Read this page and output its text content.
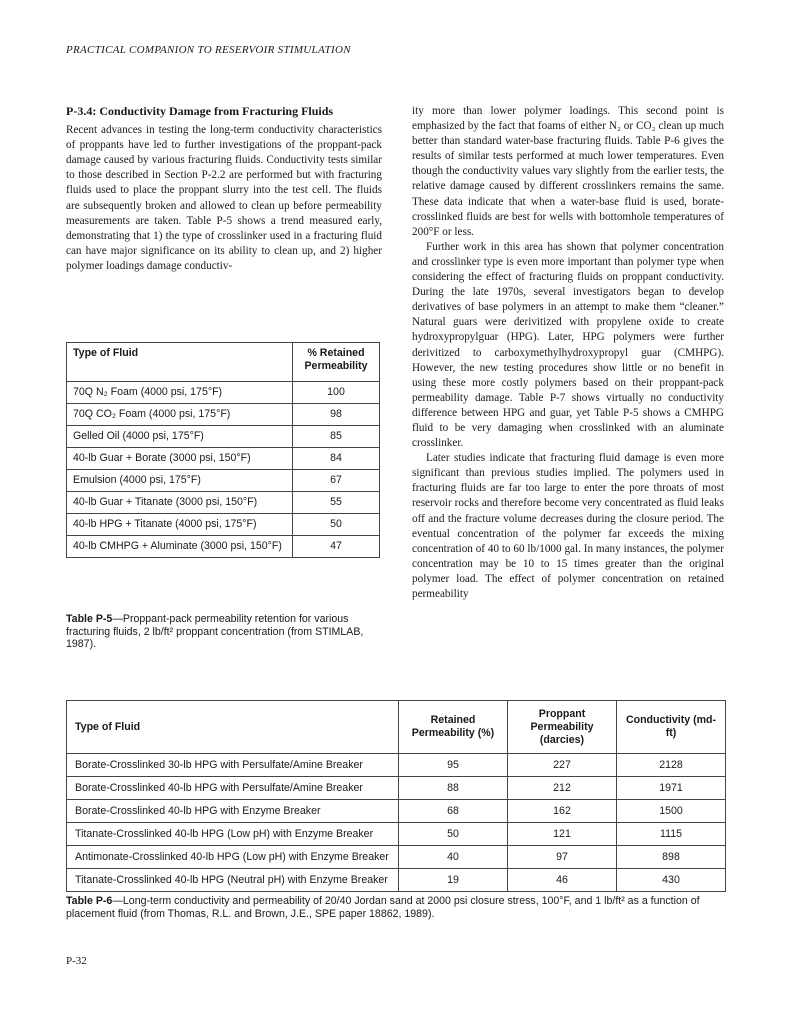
PRACTICAL COMPANION TO RESERVOIR STIMULATION
P-3.4: Conductivity Damage from Fracturing Fluids

Recent advances in testing the long-term conductivity characteristics of proppants have led to further investigations of the proppant-pack damage caused by various fracturing fluids. Conductivity tests similar to those described in Section P-2.2 are performed but with fracturing fluids used to place the proppant slurry into the test cell. The fluids are subsequently broken and allowed to clean up before permeability measurements are taken. Table P-5 shows a trend measured early, demonstrating that 1) the type of crosslinker used in a fracturing fluid can have major significance on its ability to clean up, and 2) higher polymer loadings damage conductiv-

ity more than lower polymer loadings. This second point is emphasized by the fact that foams of either N₂ or CO₂ clean up much better than standard water-base fracturing fluids. Table P-6 gives the results of similar tests performed at much lower temperatures. Even though the conductivity values vary slightly from the earlier tests, the relative damage caused by different crosslinkers remains the same. These data indicate that when a water-base fluid is used, borate-crosslinked fluids are best for wells with bottomhole temperatures of 200°F or less.

Further work in this area has shown that polymer concentration and crosslinker type is even more important than polymer type when considering the effect of fracturing fluids on proppant conductivity. During the late 1970s, several investigators began to develop derivatives of base polymers in an attempt to make them “cleaner.” Natural guars were derivitized with propylene oxide to create hydroxypropylguar (HPG). Later, HPG polymers were further derivitized to carboxymethylhydroxypropyl guar (CMHPG). However, the new testing procedures show little or no benefit in using these more costly polymers based on their proppant-pack permeability damage. Table P-7 shows virtually no conductivity difference between HPG and guar, yet Table P-5 shows a CMHPG fluid to be very damaging when crosslinked with an aluminate crosslinker.

Later studies indicate that fracturing fluid damage is even more significant than previous studies implied. The polymers used in fracturing fluids are far too large to enter the pore throats of most reservoir rocks and therefore become very concentrated as fluid leaks off and the fracture volume decreases during the closure period. The eventual concentration of the polymer far exceeds the mixing concentration of 40 to 60 lb/1000 gal. In many instances, the polymer concentration may be 10 to 15 times greater than the original polymer load. The effect of polymer concentration on retained permeability

Type of Fluid	% Retained Permeability
70Q N₂ Foam (4000 psi, 175°F)	100
70Q CO₂ Foam (4000 psi, 175°F)	98
Gelled Oil (4000 psi, 175°F)	85
40-lb Guar + Borate (3000 psi, 150°F)	84
Emulsion (4000 psi, 175°F)	67
40-lb Guar + Titanate (3000 psi, 150°F)	55
40-lb HPG + Titanate (4000 psi, 175°F)	50
40-lb CMHPG + Aluminate (3000 psi, 150°F)	47
Table P-5—Proppant-pack permeability retention for various fracturing fluids, 2 lb/ft² proppant concentration (from STIMLAB, 1987).
Type of Fluid	Retained Permeability (%)	Proppant Permeability (darcies)	Conductivity (md-ft)
Borate-Crosslinked 30-lb HPG with Persulfate/Amine Breaker	95	227	2128
Borate-Crosslinked 40-lb HPG with Persulfate/Amine Breaker	88	212	1971
Borate-Crosslinked 40-lb HPG with Enzyme Breaker	68	162	1500
Titanate-Crosslinked 40-lb HPG (Low pH) with Enzyme Breaker	50	121	1115
Antimonate-Crosslinked 40-lb HPG (Low pH) with Enzyme Breaker	40	97	898
Titanate-Crosslinked 40-lb HPG (Neutral pH) with Enzyme Breaker	19	46	430
Table P-6—Long-term conductivity and permeability of 20/40 Jordan sand at 2000 psi closure stress, 100°F, and 1 lb/ft² as a function of placement fluid (from Thomas, R.L. and Brown, J.E., SPE paper 18862, 1989).
P-32
